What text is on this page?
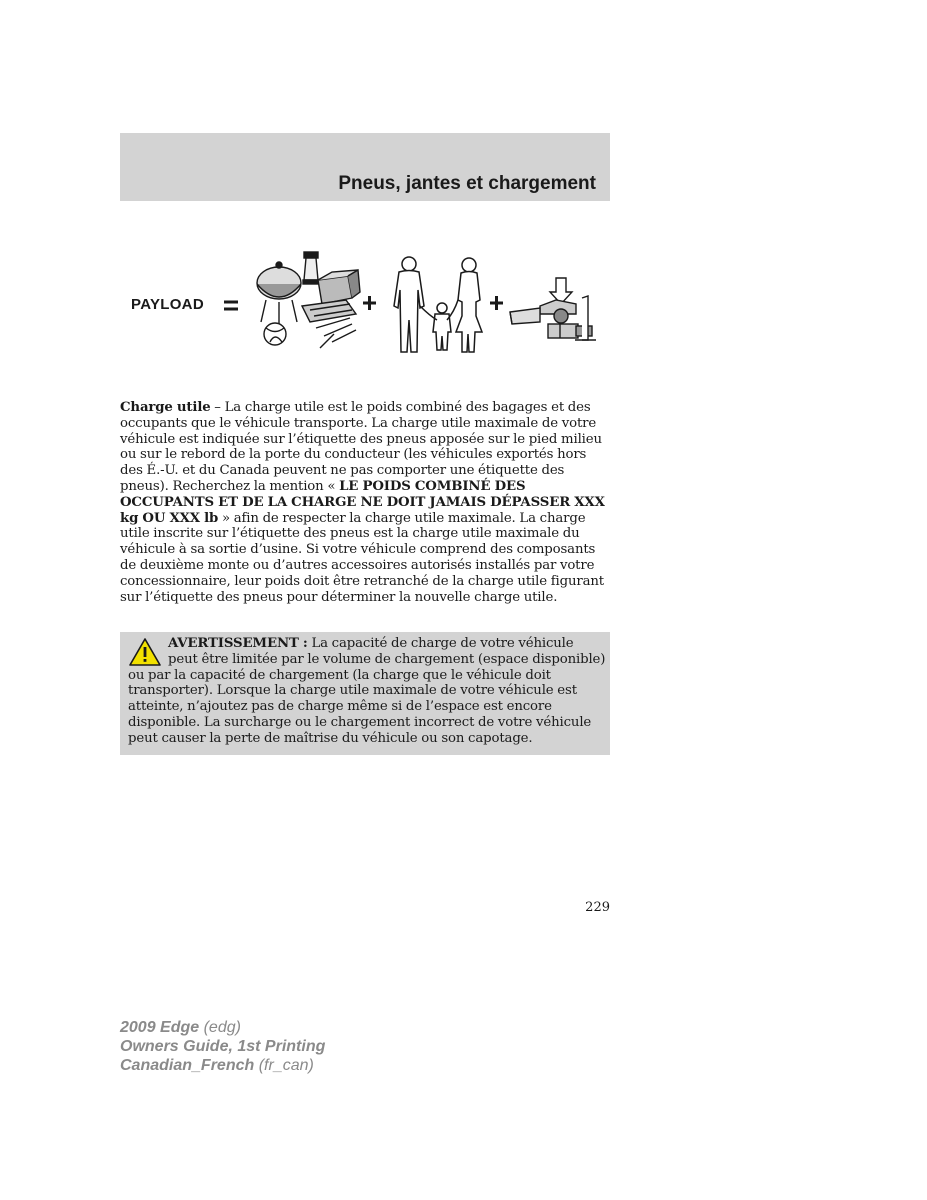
Pneus, jantes et chargement
PAYLOAD

Charge utile – La charge utile est le poids combiné des bagages et des occupants que le véhicule transporte. La charge utile maximale de votre véhicule est indiquée sur l’étiquette des pneus apposée sur le pied milieu ou sur le rebord de la porte du conducteur (les véhicules exportés hors des É.-U. et du Canada peuvent ne pas comporter une étiquette des pneus). Recherchez la mention « LE POIDS COMBINÉ DES OCCUPANTS ET DE LA CHARGE NE DOIT JAMAIS DÉPASSER XXX kg OU XXX lb » afin de respecter la charge utile maximale. La charge utile inscrite sur l’étiquette des pneus est la charge utile maximale du véhicule à sa sortie d’usine. Si votre véhicule comprend des composants de deuxième monte ou d’autres accessoires autorisés installés par votre concessionnaire, leur poids doit être retranché de la charge utile figurant sur l’étiquette des pneus pour déterminer la nouvelle charge utile.

AVERTISSEMENT : La capacité de charge de votre véhicule peut être limitée par le volume de chargement (espace disponible) ou par la capacité de chargement (la charge que le véhicule doit transporter). Lorsque la charge utile maximale de votre véhicule est atteinte, n’ajoutez pas de charge même si de l’espace est encore disponible. La surcharge ou le chargement incorrect de votre véhicule peut causer la perte de maîtrise du véhicule ou son capotage.

229
2009 Edge (edg)
Owners Guide, 1st Printing
Canadian_French (fr_can)
